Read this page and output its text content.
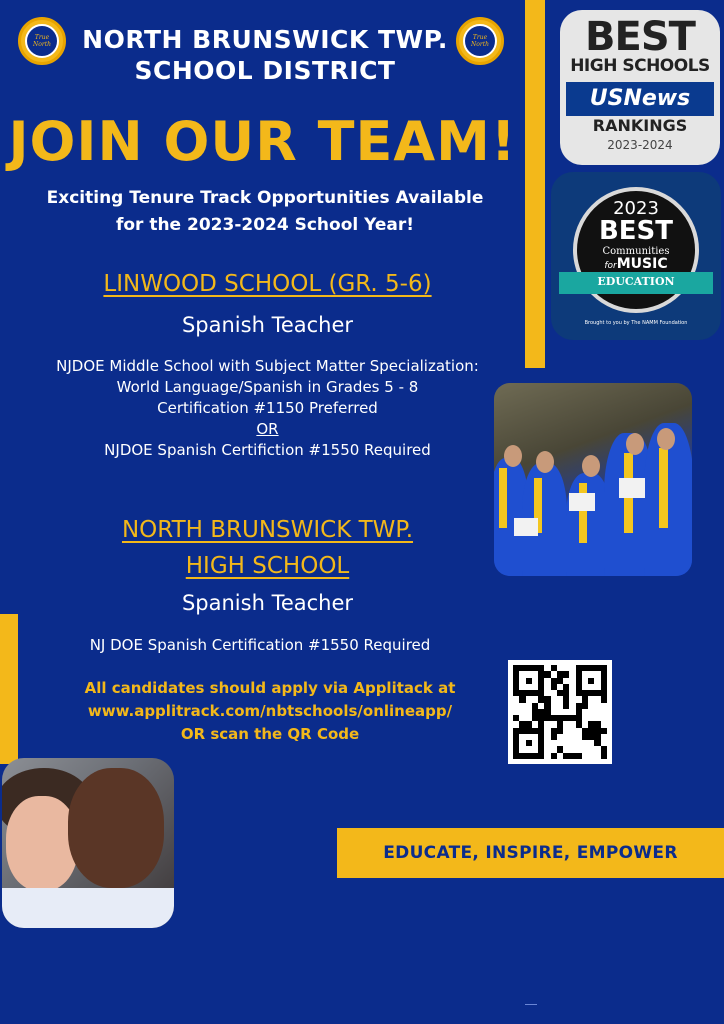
True North	NORTH BRUNSWICK TWP.
SCHOOL DISTRICT
True North
JOIN OUR TEAM!
Exciting Tenure Track Opportunities Available
for the 2023-2024 School Year!
LINWOOD SCHOOL (GR. 5-6)
Spanish Teacher
NJDOE Middle School with Subject Matter Specialization:
World Language/Spanish in Grades 5 - 8
Certification #1150 Preferred
OR
NJDOE Spanish Certifiction #1550 Required
NORTH BRUNSWICK TWP.
HIGH SCHOOL
Spanish Teacher
NJ DOE Spanish Certification #1550 Required
All candidates should apply via Applitack at
www.applitrack.com/nbtschools/onlineapp/
OR scan the QR Code
BEST
HIGH SCHOOLS
USNews
RANKINGS
2023-2024
2023
BEST
Communities
forMUSIC
EDUCATION
Brought to you by The NAMM Foundation
EDUCATE, INSPIRE, EMPOWER
